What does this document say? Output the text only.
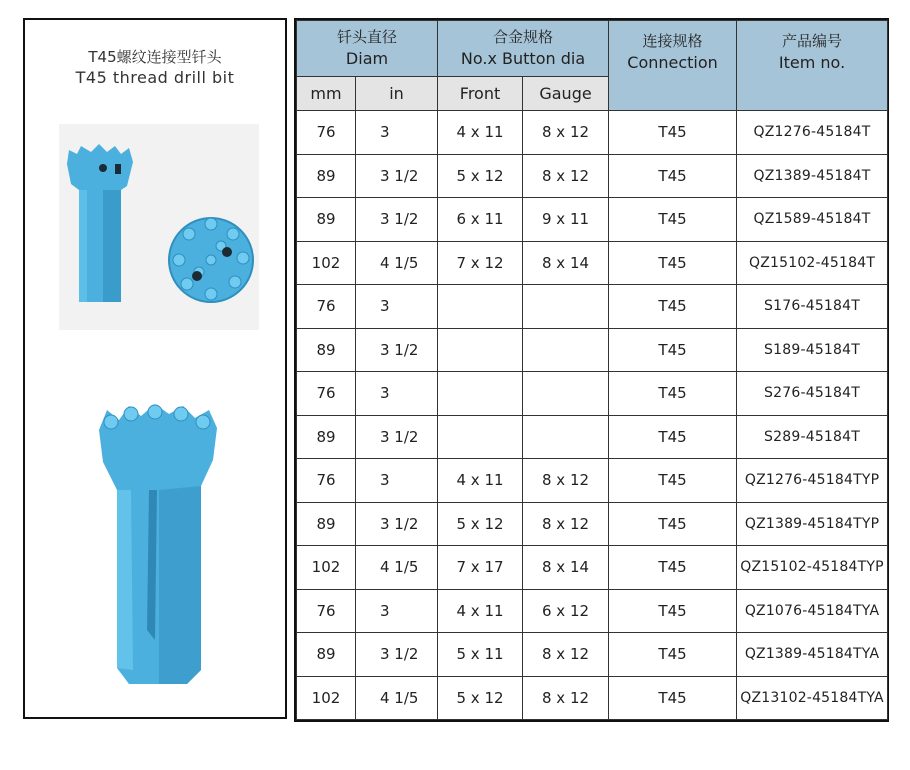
T45螺纹连接型钎头
T45 thread drill bit
钎头直径
Diam		合金规格
No.x Button dia		连接规格
Connection	产品编号
Item no.

mm	in	Front	Gauge		
76	3	4 x 11	8 x 12	T45	QZ1276-45184T
89	3 1/2	5 x 12	8 x 12	T45	QZ1389-45184T
89	3 1/2	6 x 11	9 x 11	T45	QZ1589-45184T
102	4 1/5	7 x 12	8 x 14	T45	QZ15102-45184T
76	3			T45	S176-45184T
89	3 1/2			T45	S189-45184T
76	3			T45	S276-45184T
89	3 1/2			T45	S289-45184T
76	3	4 x 11	8 x 12	T45	QZ1276-45184TYP
89	3 1/2	5 x 12	8 x 12	T45	QZ1389-45184TYP
102	4 1/5	7 x 17	8 x 14	T45	QZ15102-45184TYP
76	3	4 x 11	6 x 12	T45	QZ1076-45184TYA
89	3 1/2	5 x 11	8 x 12	T45	QZ1389-45184TYA
102	4 1/5	5 x 12	8 x 12	T45	QZ13102-45184TYA
